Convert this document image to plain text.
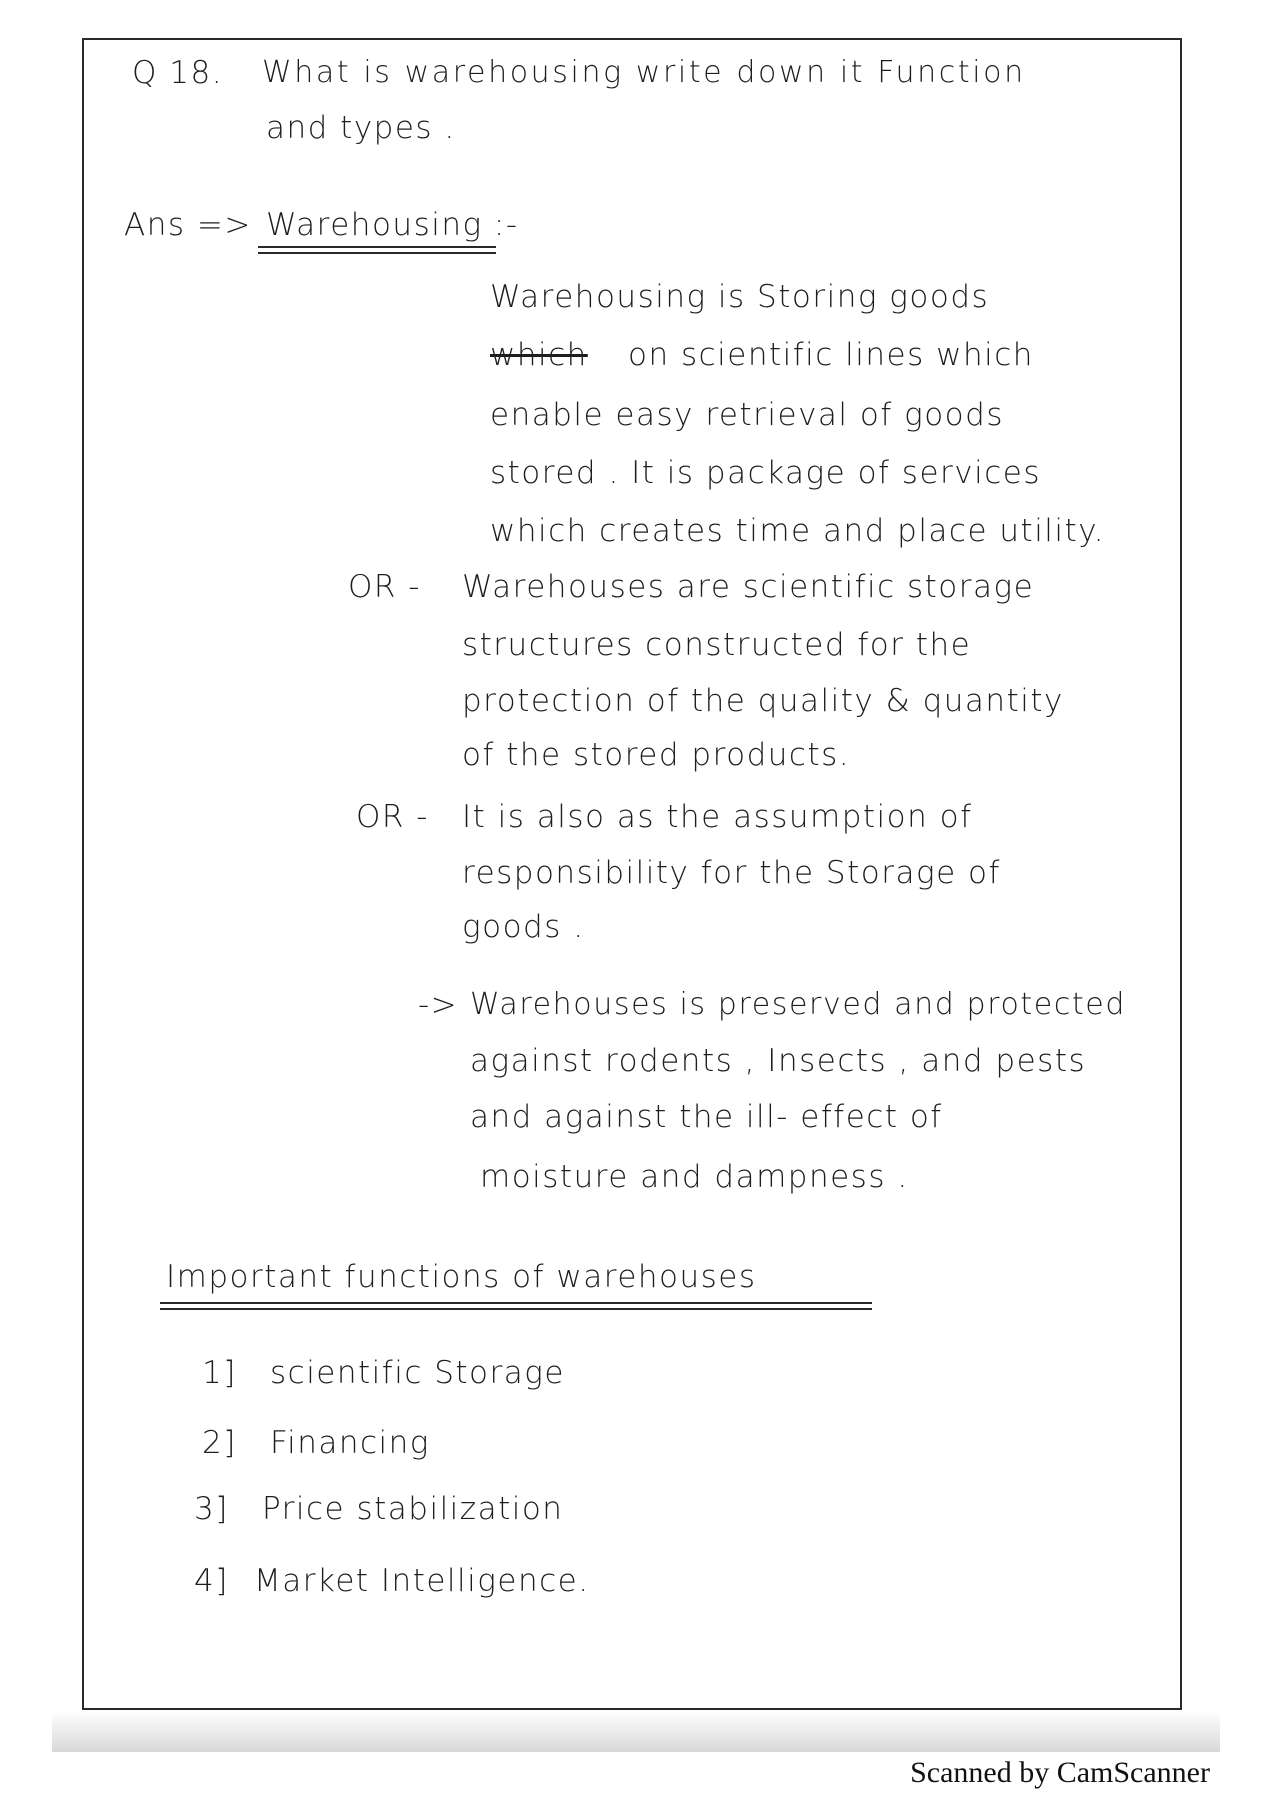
Q 18. What is warehousing write down it Function
and types .
Ans => Warehousing :-
Warehousing is Storing goods
which on scientific lines which
enable easy retrieval of goods
stored . It is package of services
which creates time and place utility.
OR - Warehouses are scientific storage
structures constructed for the
protection of the quality & quantity
of the stored products.
OR - It is also as the assumption of
responsibility for the Storage of
goods .
-> Warehouses is preserved and protected
against rodents , Insects , and pests
and against the ill- effect of
moisture and dampness .
Important functions of warehouses
1] scientific Storage
2] Financing
3] Price stabilization
4] Market Intelligence.
Scanned by CamScanner
